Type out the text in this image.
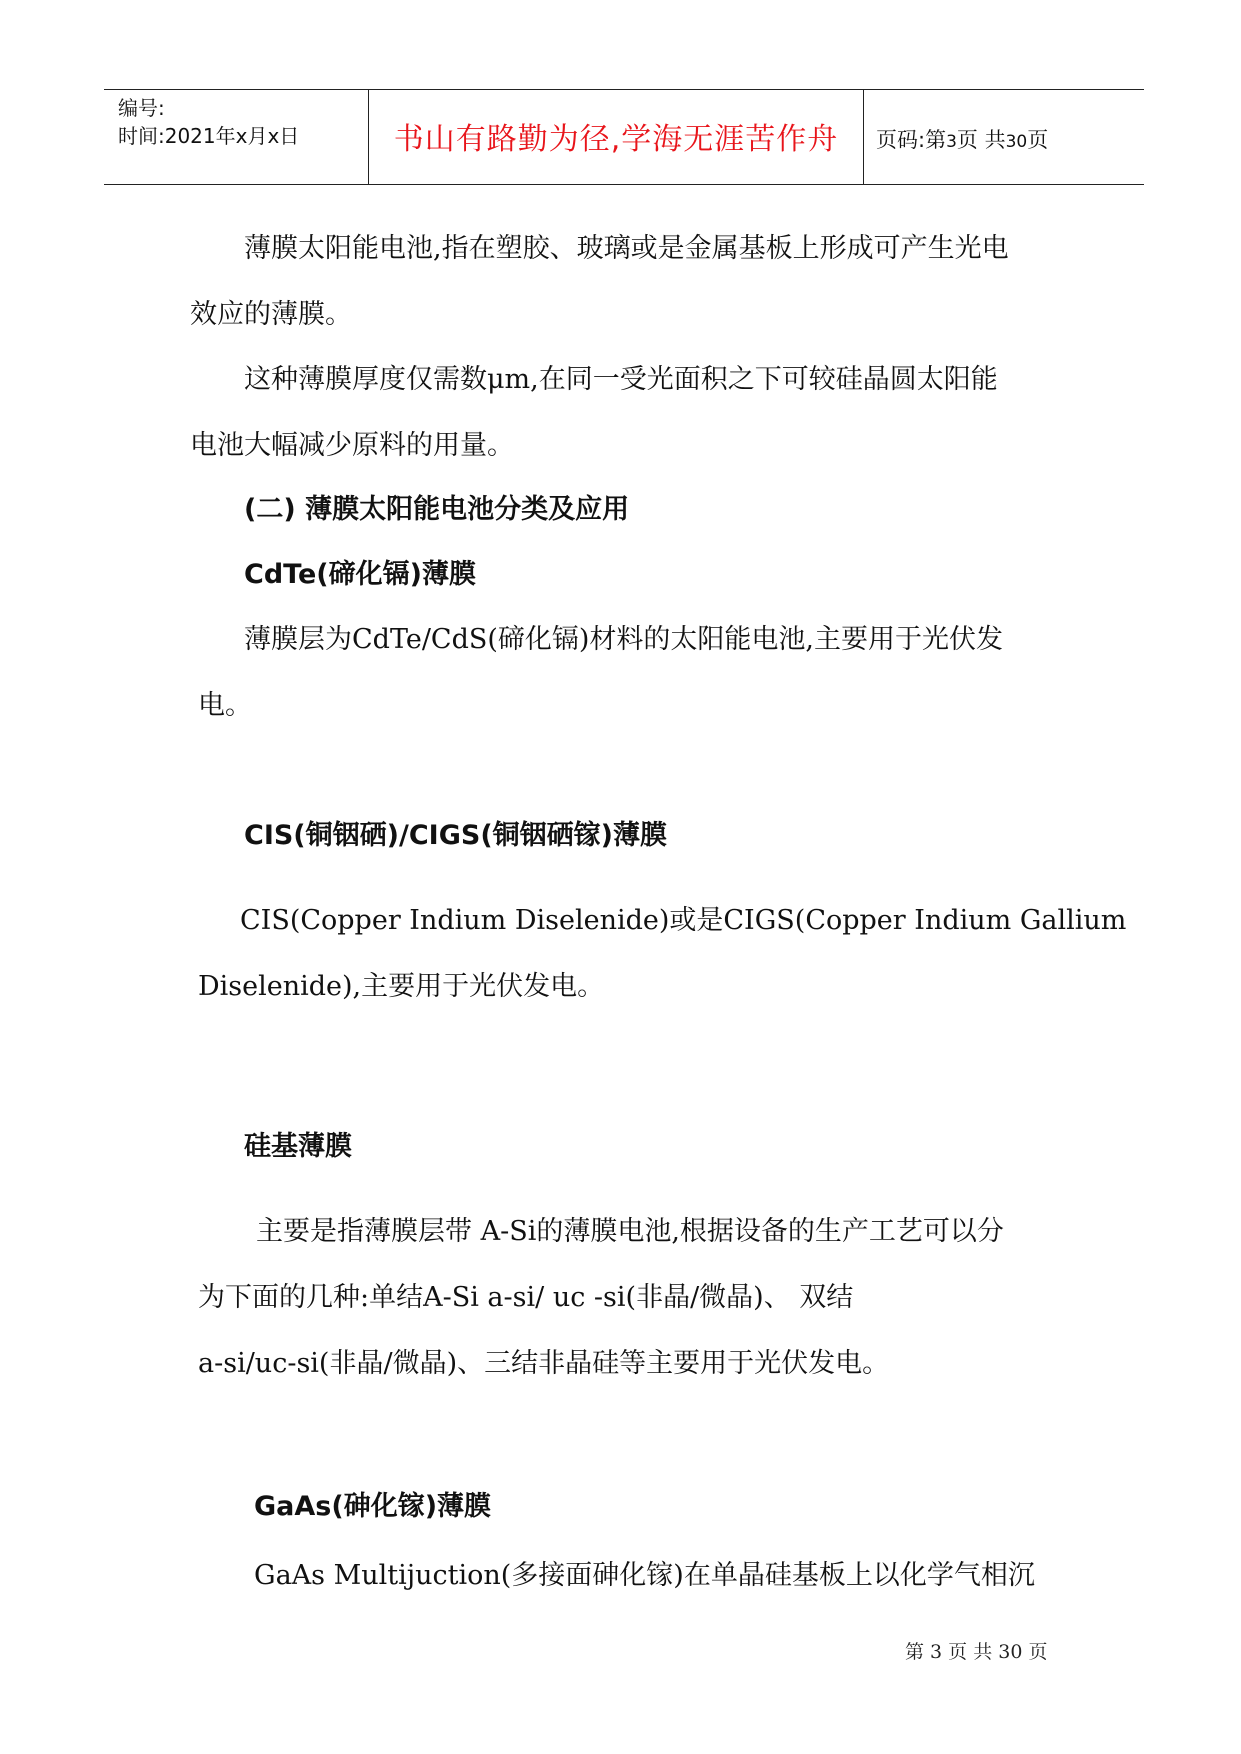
编号:
时间:2021年x月x日	书山有路勤为径,学海无涯苦作舟	页码:第3页 共30页
薄膜太阳能电池,指在塑胶、玻璃或是金属基板上形成可产生光电
效应的薄膜。
这种薄膜厚度仅需数μm,在同一受光面积之下可较硅晶圆太阳能
电池大幅减少原料的用量。
(二) 薄膜太阳能电池分类及应用
CdTe(碲化镉)薄膜
薄膜层为CdTe/CdS(碲化镉)材料的太阳能电池,主要用于光伏发
电。
CIS(铜铟硒)/CIGS(铜铟硒镓)薄膜
CIS(Copper Indium Diselenide)或是CIGS(Copper Indium Gallium
Diselenide),主要用于光伏发电。
硅基薄膜
主要是指薄膜层带 A-Si的薄膜电池,根据设备的生产工艺可以分
为下面的几种:单结A-Si a-si/ uc -si(非晶/微晶)、 双结
a-si/uc-si(非晶/微晶)、三结非晶硅等主要用于光伏发电。
GaAs(砷化镓)薄膜
GaAs Multijuction(多接面砷化镓)在单晶硅基板上以化学气相沉
第 3 页 共 30 页
